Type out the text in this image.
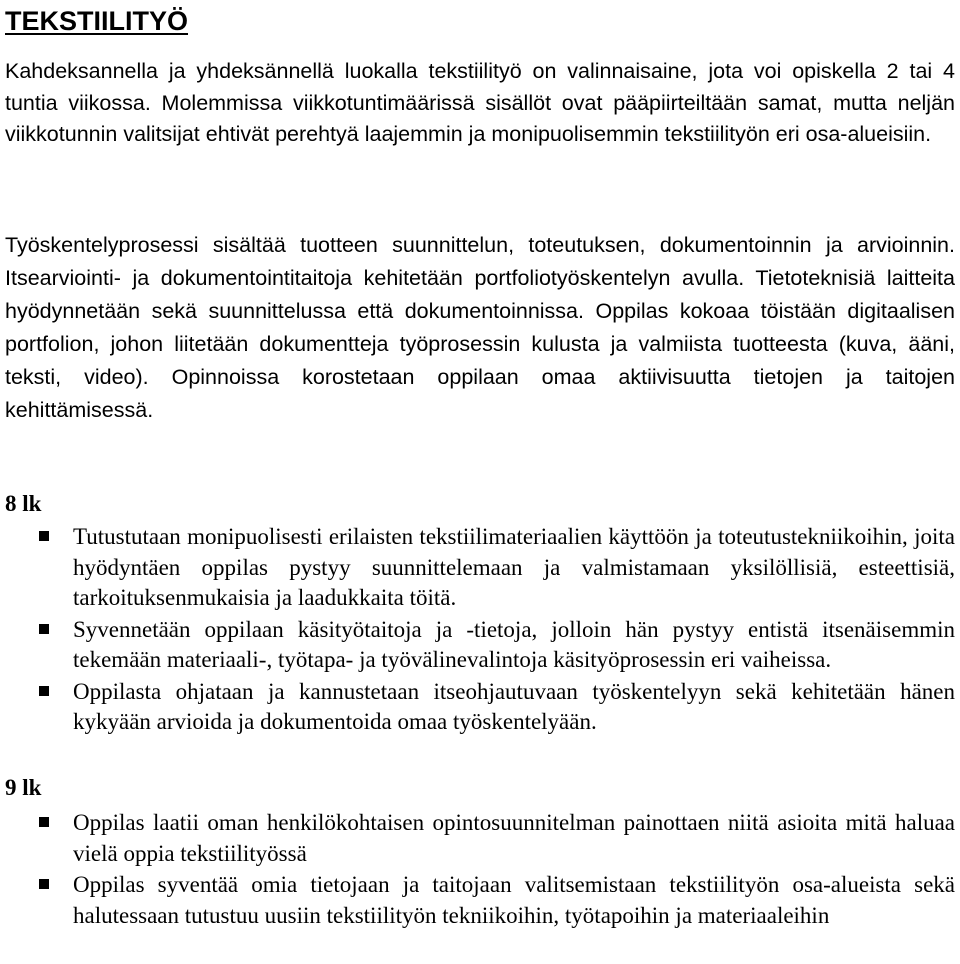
TEKSTIILITYÖ

Kahdeksannella ja yhdeksännellä luokalla tekstiilityö on valinnaisaine, jota voi opiskella 2 tai 4 tuntia viikossa. Molemmissa viikkotuntimäärissä sisällöt ovat pääpiirteiltään samat, mutta neljän viikkotunnin valitsijat ehtivät perehtyä laajemmin ja monipuolisemmin tekstiilityön eri osa-alueisiin.

Työskentelyprosessi sisältää tuotteen suunnittelun, toteutuksen, dokumentoinnin ja arvioinnin. Itsearviointi- ja dokumentointitaitoja kehitetään portfoliotyöskentelyn avulla. Tietoteknisiä laitteita hyödynnetään sekä suunnittelussa että dokumentoinnissa. Oppilas kokoaa töistään digitaalisen portfolion, johon liitetään dokumentteja työprosessin kulusta ja valmiista tuotteesta (kuva, ääni, teksti, video). Opinnoissa korostetaan oppilaan omaa aktiivisuutta tietojen ja taitojen kehittämisessä.

8 lk
Tutustutaan monipuolisesti erilaisten tekstiilimateriaalien käyttöön ja toteutustekniikoihin, joita hyödyntäen oppilas pystyy suunnittelemaan ja valmistamaan yksilöllisiä, esteettisiä, tarkoituksenmukaisia ja laadukkaita töitä.
Syvennetään oppilaan käsityötaitoja ja -tietoja, jolloin hän pystyy entistä itsenäisemmin tekemään materiaali-, työtapa- ja työvälinevalintoja käsityöprosessin eri vaiheissa.
Oppilasta ohjataan ja kannustetaan itseohjautuvaan työskentelyyn sekä kehitetään hänen kykyään arvioida ja dokumentoida omaa työskentelyään.
9 lk
Oppilas laatii oman henkilökohtaisen opintosuunnitelman painottaen niitä asioita mitä haluaa vielä oppia tekstiilityössä
Oppilas syventää omia tietojaan ja taitojaan valitsemistaan tekstiilityön osa-alueista sekä halutessaan tutustuu uusiin tekstiilityön tekniikoihin, työtapoihin ja materiaaleihin
